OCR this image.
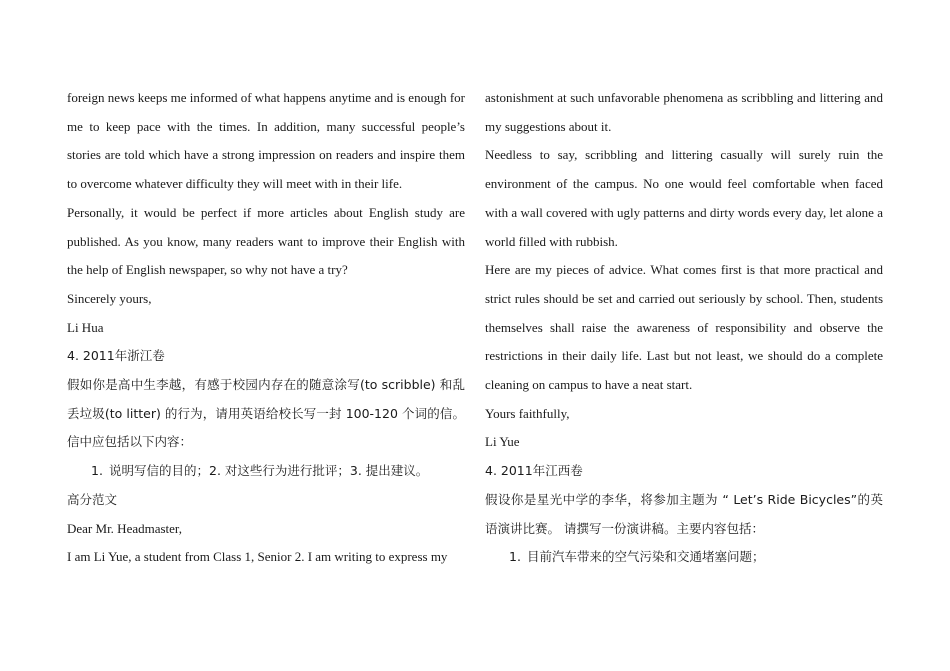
foreign news keeps me informed of what happens anytime and is enough for me to keep pace with the times. In addition, many successful people’s stories are told which have a strong impression on readers and inspire them to overcome whatever difficulty they will meet with in their life.

Personally, it would be perfect if more articles about English study are published. As you know, many readers want to improve their English with the help of English newspaper, so why not have a try?

Sincerely yours,

Li Hua

4. 2011年浙江卷

假如你是高中生李越，有感于校园内存在的随意涂写(to scribble) 和乱丢垃圾(to litter) 的行为，请用英语给校长写一封 100-120 个词的信。信中应包括以下内容：

1. 说明写信的目的；2. 对这些行为进行批评；3. 提出建议。

高分范文

Dear Mr. Headmaster,

I am Li Yue, a student from Class 1, Senior 2. I am writing to express my

astonishment at such unfavorable phenomena as scribbling and littering and my suggestions about it.

Needless to say, scribbling and littering casually will surely ruin the environment of the campus. No one would feel comfortable when faced with a wall covered with ugly patterns and dirty words every day, let alone a world filled with rubbish.

Here are my pieces of advice. What comes first is that more practical and strict rules should be set and carried out seriously by school. Then, students themselves shall raise the awareness of responsibility and observe the restrictions in their daily life. Last but not least, we should do a complete cleaning on campus to have a neat start.

Yours faithfully,

Li Yue

4. 2011年江西卷

假设你是星光中学的李华，将参加主题为 “ Let’s Ride Bicycles”的英语演讲比赛。 请撰写一份演讲稿。主要内容包括：

1. 目前汽车带来的空气污染和交通堵塞问题；
